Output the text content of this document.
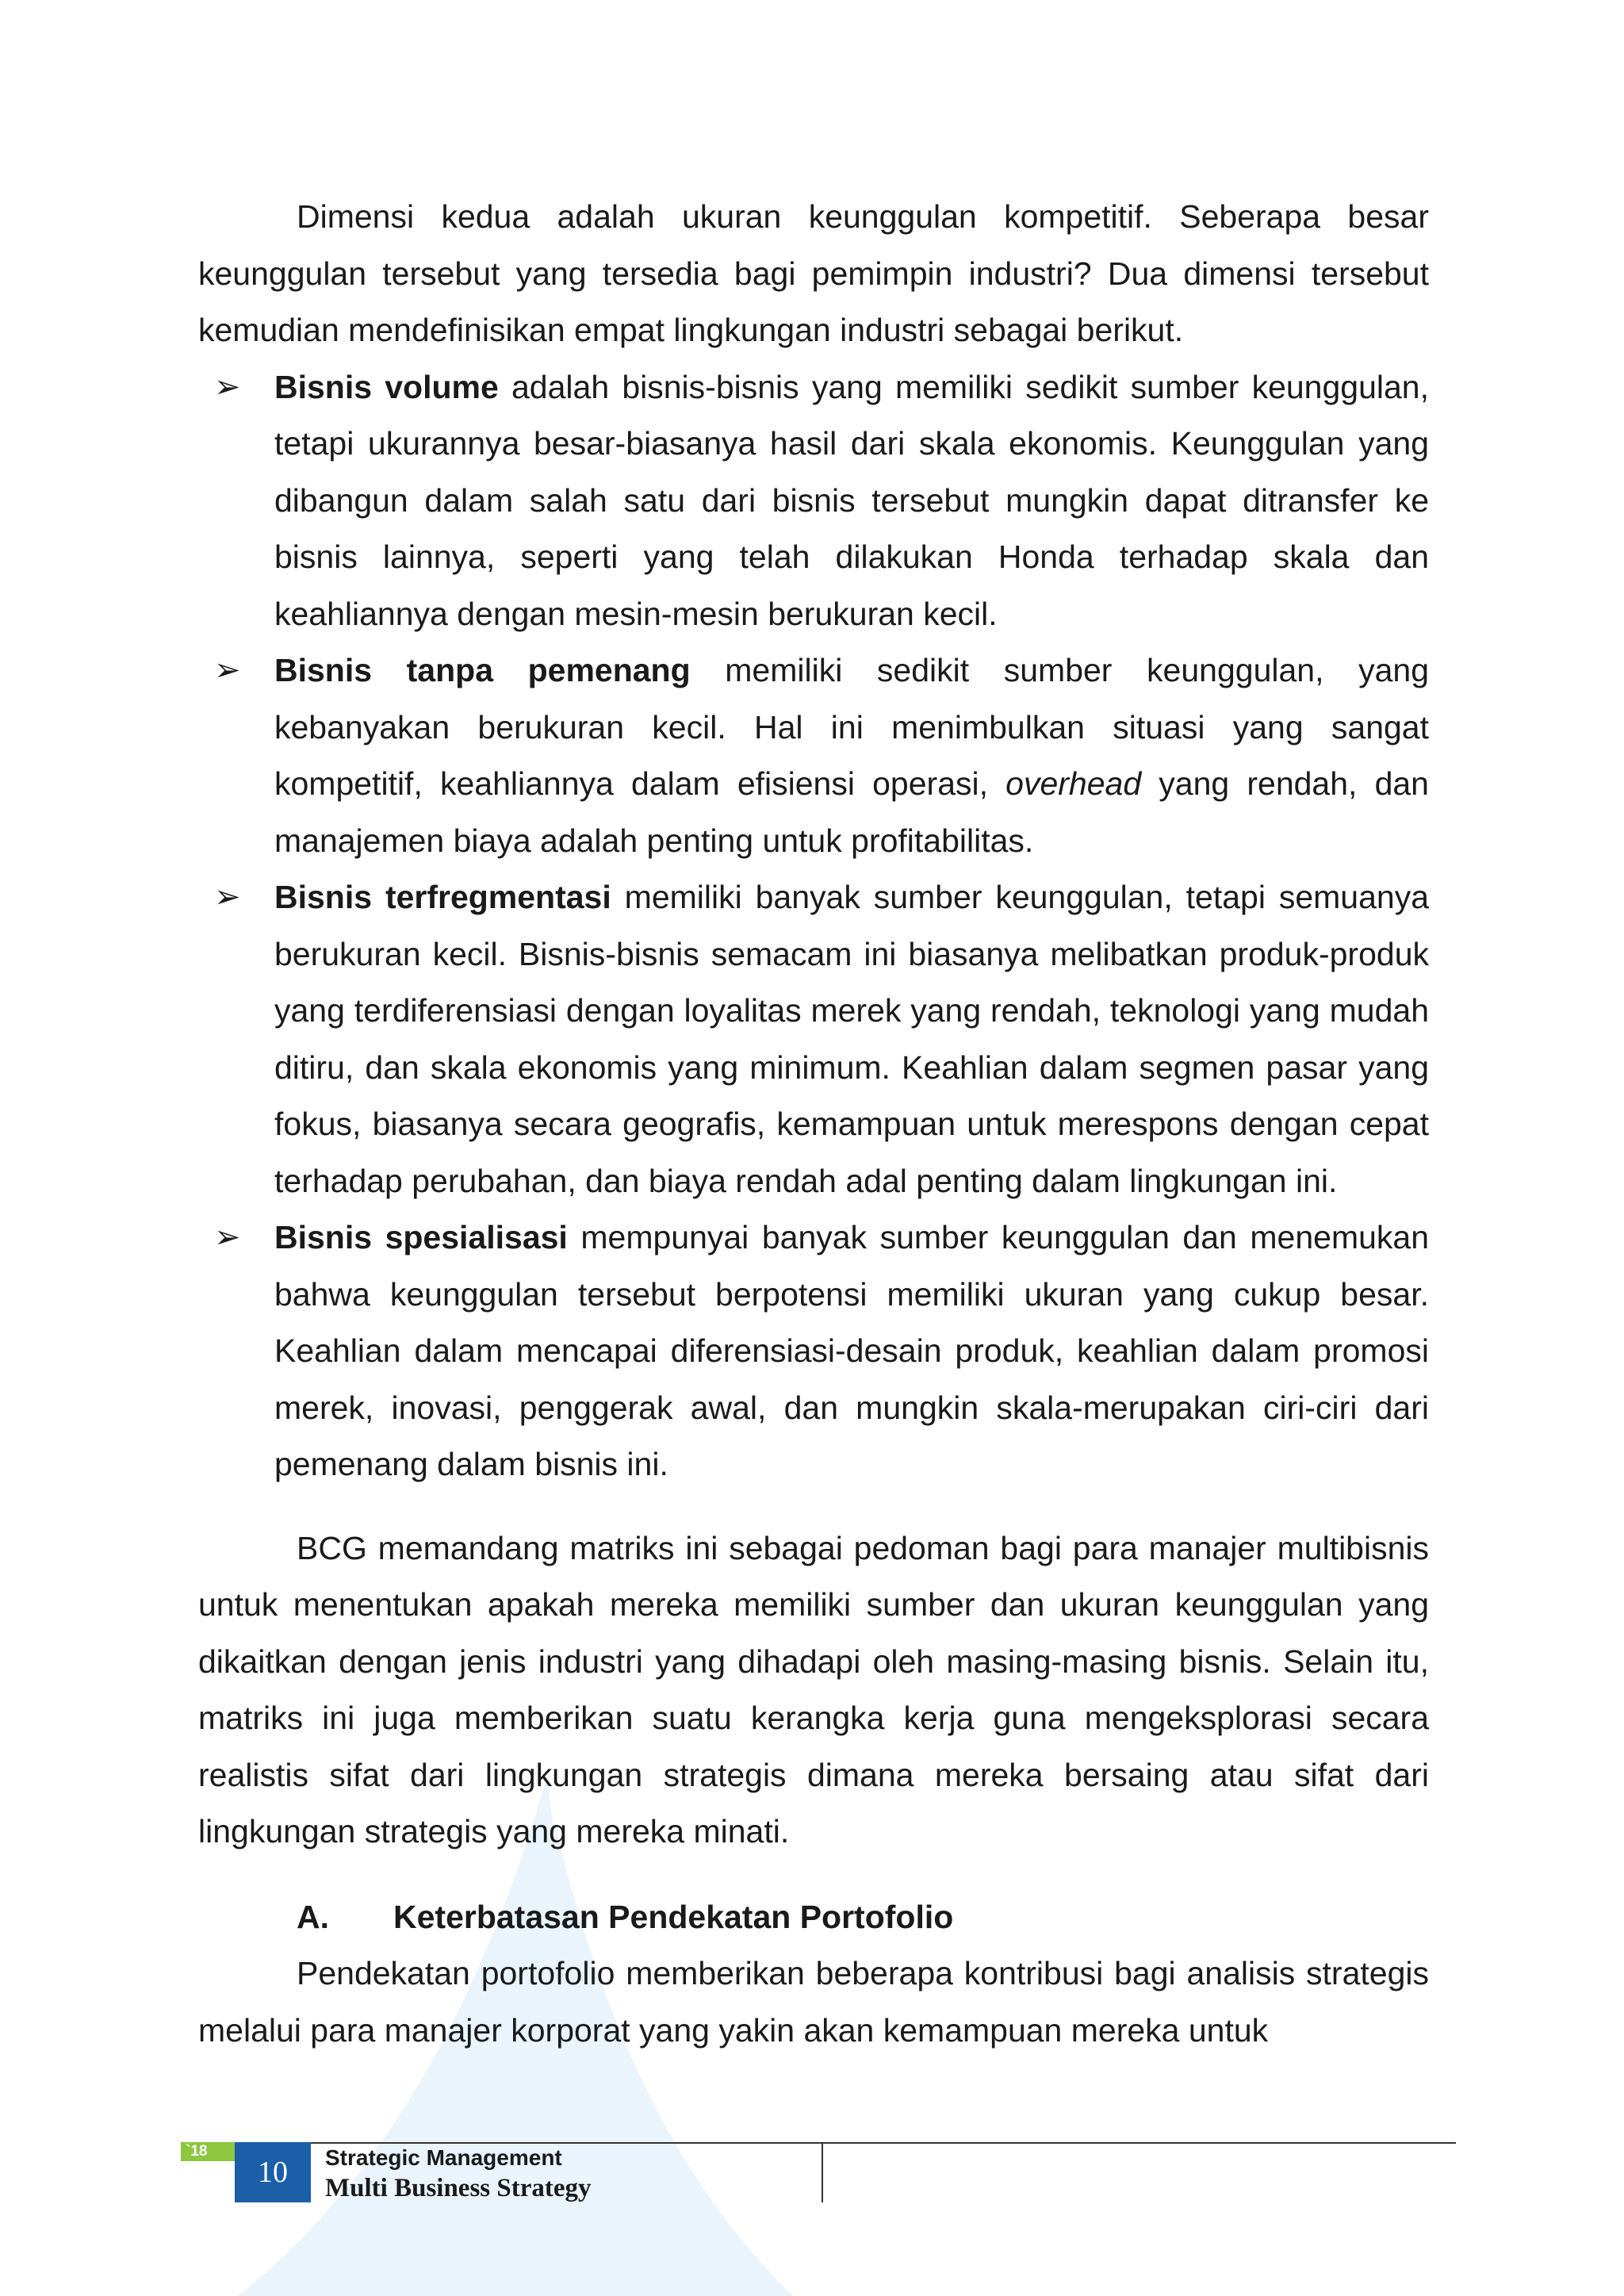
Dimensi kedua adalah ukuran keunggulan kompetitif. Seberapa besar keunggulan tersebut yang tersedia bagi pemimpin industri? Dua dimensi tersebut kemudian mendefinisikan empat lingkungan industri sebagai berikut.

➢ Bisnis volume adalah bisnis-bisnis yang memiliki sedikit sumber keunggulan, tetapi ukurannya besar-biasanya hasil dari skala ekonomis. Keunggulan yang dibangun dalam salah satu dari bisnis tersebut mungkin dapat ditransfer ke bisnis lainnya, seperti yang telah dilakukan Honda terhadap skala dan keahliannya dengan mesin-mesin berukuran kecil.
➢ Bisnis tanpa pemenang memiliki sedikit sumber keunggulan, yang kebanyakan berukuran kecil. Hal ini menimbulkan situasi yang sangat kompetitif, keahliannya dalam efisiensi operasi, overhead yang rendah, dan manajemen biaya adalah penting untuk profitabilitas.
➢ Bisnis terfregmentasi memiliki banyak sumber keunggulan, tetapi semuanya berukuran kecil. Bisnis-bisnis semacam ini biasanya melibatkan produk-produk yang terdiferensiasi dengan loyalitas merek yang rendah, teknologi yang mudah ditiru, dan skala ekonomis yang minimum. Keahlian dalam segmen pasar yang fokus, biasanya secara geografis, kemampuan untuk merespons dengan cepat terhadap perubahan, dan biaya rendah adal penting dalam lingkungan ini.
➢ Bisnis spesialisasi mempunyai banyak sumber keunggulan dan menemukan bahwa keunggulan tersebut berpotensi memiliki ukuran yang cukup besar. Keahlian dalam mencapai diferensiasi-desain produk, keahlian dalam promosi merek, inovasi, penggerak awal, dan mungkin skala-merupakan ciri-ciri dari pemenang dalam bisnis ini.

BCG memandang matriks ini sebagai pedoman bagi para manajer multibisnis untuk menentukan apakah mereka memiliki sumber dan ukuran keunggulan yang dikaitkan dengan jenis industri yang dihadapi oleh masing-masing bisnis. Selain itu, matriks ini juga memberikan suatu kerangka kerja guna mengeksplorasi secara realistis sifat dari lingkungan strategis dimana mereka bersaing atau sifat dari lingkungan strategis yang mereka minati.

A.	Keterbatasan Pendekatan Portofolio

Pendekatan portofolio memberikan beberapa kontribusi bagi analisis strategis melalui para manajer korporat yang yakin akan kemampuan mereka untuk

`18
10	Strategic Management
Multi Business Strategy
